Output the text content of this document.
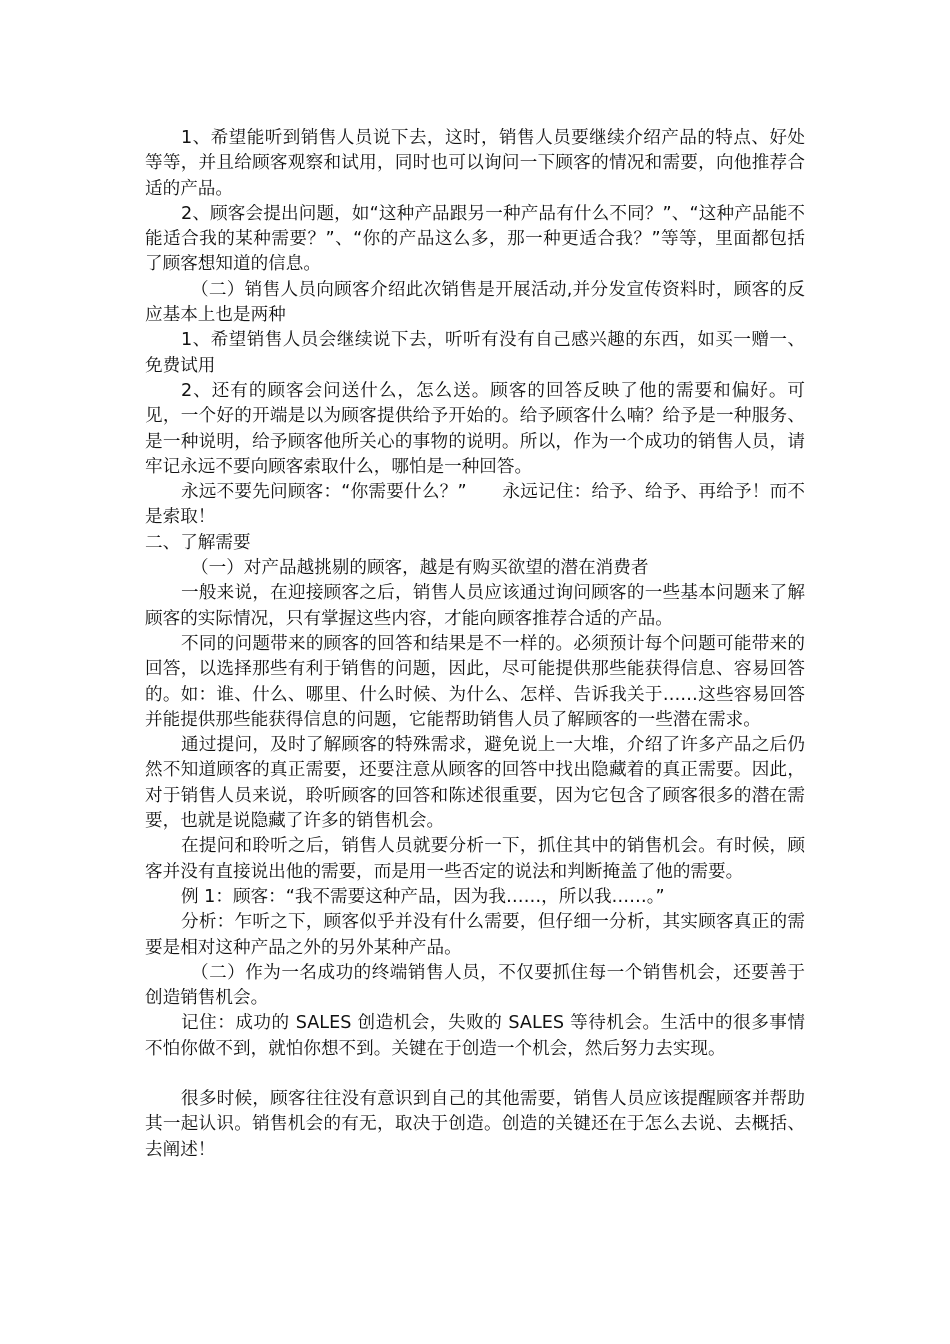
1、希望能听到销售人员说下去，这时，销售人员要继续介绍产品的特点、好处等等，并且给顾客观察和试用，同时也可以询问一下顾客的情况和需要，向他推荐合适的产品。

2、顾客会提出问题，如“这种产品跟另一种产品有什么不同？”、“这种产品能不能适合我的某种需要？”、“你的产品这么多，那一种更适合我？”等等，里面都包括了顾客想知道的信息。

（二）销售人员向顾客介绍此次销售是开展活动,并分发宣传资料时，顾客的反应基本上也是两种

1、希望销售人员会继续说下去，听听有没有自己感兴趣的东西，如买一赠一、免费试用

2、还有的顾客会问送什么，怎么送。顾客的回答反映了他的需要和偏好。可见，一个好的开端是以为顾客提供给予开始的。给予顾客什么喃？给予是一种服务、是一种说明，给予顾客他所关心的事物的说明。所以，作为一个成功的销售人员，请牢记永远不要向顾客索取什么，哪怕是一种回答。

永远不要先问顾客：“你需要什么？”　　永远记住：给予、给予、再给予！而不是索取！

二、了解需要

（一）对产品越挑剔的顾客，越是有购买欲望的潜在消费者

一般来说，在迎接顾客之后，销售人员应该通过询问顾客的一些基本问题来了解顾客的实际情况，只有掌握这些内容，才能向顾客推荐合适的产品。

不同的问题带来的顾客的回答和结果是不一样的。必须预计每个问题可能带来的回答，以选择那些有利于销售的问题，因此，尽可能提供那些能获得信息、容易回答的。如：谁、什么、哪里、什么时候、为什么、怎样、告诉我关于……这些容易回答并能提供那些能获得信息的问题，它能帮助销售人员了解顾客的一些潜在需求。

通过提问，及时了解顾客的特殊需求，避免说上一大堆，介绍了许多产品之后仍然不知道顾客的真正需要，还要注意从顾客的回答中找出隐藏着的真正需要。因此，对于销售人员来说，聆听顾客的回答和陈述很重要，因为它包含了顾客很多的潜在需要，也就是说隐藏了许多的销售机会。

在提问和聆听之后，销售人员就要分析一下，抓住其中的销售机会。有时候，顾客并没有直接说出他的需要，而是用一些否定的说法和判断掩盖了他的需要。

例 1：顾客：“我不需要这种产品，因为我……，所以我……。”

分析：乍听之下，顾客似乎并没有什么需要，但仔细一分析，其实顾客真正的需要是相对这种产品之外的另外某种产品。

（二）作为一名成功的终端销售人员，不仅要抓住每一个销售机会，还要善于创造销售机会。

记住：成功的 SALES 创造机会，失败的 SALES 等待机会。生活中的很多事情不怕你做不到，就怕你想不到。关键在于创造一个机会，然后努力去实现。

很多时候，顾客往往没有意识到自己的其他需要，销售人员应该提醒顾客并帮助其一起认识。销售机会的有无，取决于创造。创造的关键还在于怎么去说、去概括、去阐述！
